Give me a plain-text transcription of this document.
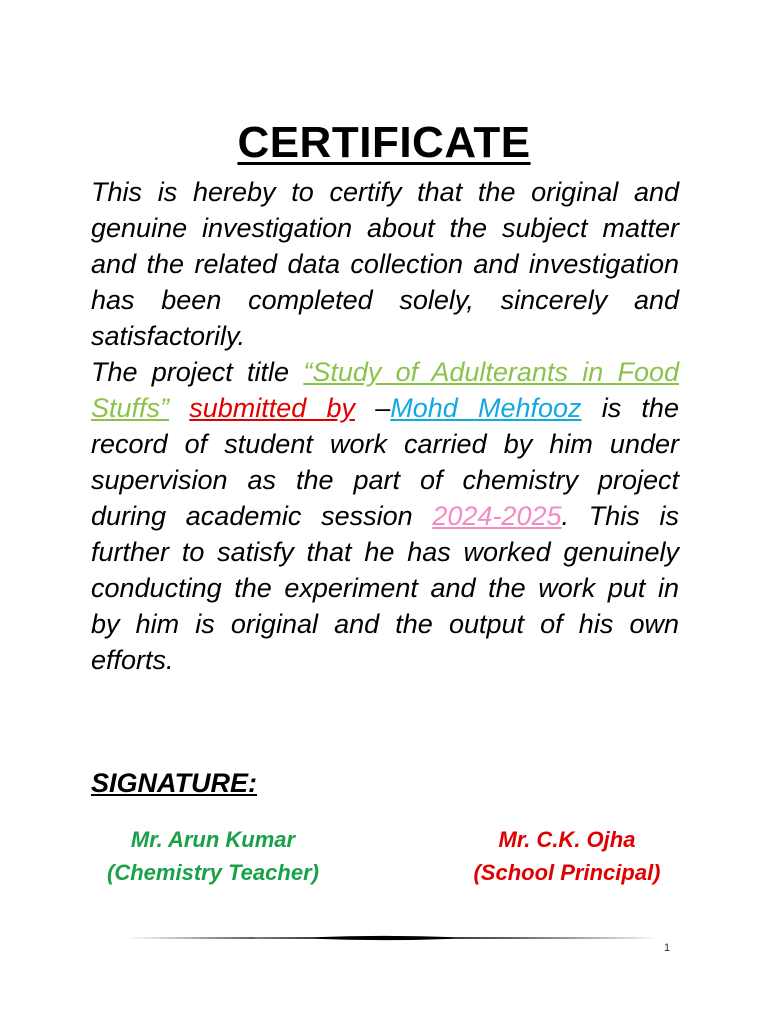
CERTIFICATE

This is hereby to certify that the original and genuine investigation about the subject matter and the related data collection and investigation has been completed solely, sincerely and satisfactorily.

The project title “Study of Adulterants in Food Stuffs” submitted by –Mohd Mehfooz is the record of student work carried by him under supervision as the part of chemistry project during academic session 2024-2025. This is further to satisfy that he has worked genuinely conducting the experiment and the work put in by him is original and the output of his own efforts.

SIGNATURE:
Mr. Arun Kumar
(Chemistry Teacher)
Mr. C.K. Ojha
(School Principal)
1
